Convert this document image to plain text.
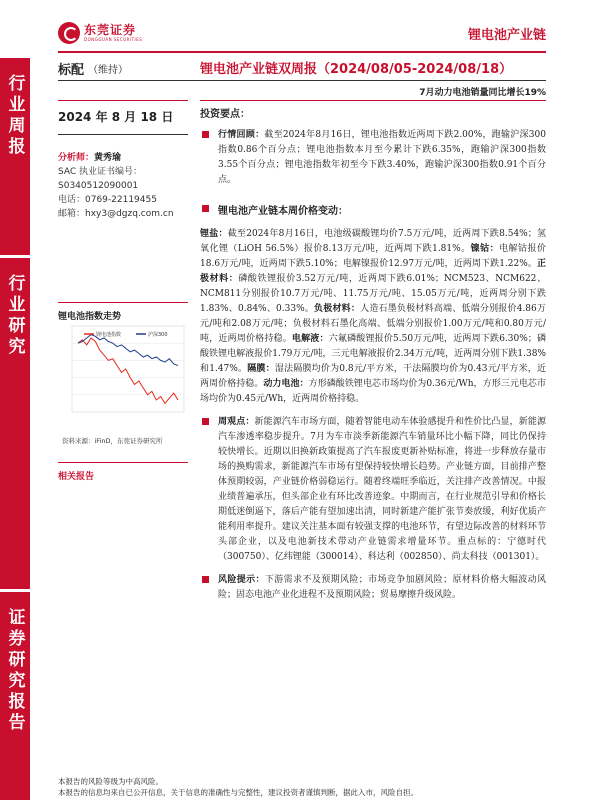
东莞证券
DONGGUAN SECURITIES	锂电池产业链
行业周报
行业研究
证券研究报告
标配 （维持）	锂电池产业链双周报（2024/08/05-2024/08/18）
7月动力电池销量同比增长19%
2024 年 8 月 18 日
分析师：黄秀瑜
SAC 执业证书编号：
S0340512090001
电话：0769-22119455
邮箱：hxy3@dgzq.com.cn
锂电池指数走势
锂电池指数	沪深300
资料来源：iFinD，东莞证券研究所
相关报告
投资要点：
行情回顾：截至2024年8月16日，锂电池指数近两周下跌2.00%，跑输沪深300指数0.86个百分点；锂电池指数本月至今累计下跌6.35%，跑输沪深300指数3.55个百分点；锂电池指数年初至今下跌3.40%，跑输沪深300指数0.91个百分点。
锂电池产业链本周价格变动：
锂盐：截至2024年8月16日，电池级碳酸锂均价7.5万元/吨，近两周下跌8.54%；氢氧化锂（LiOH 56.5%）报价8.13万元/吨，近两周下跌1.81%。镍钴：电解钴报价18.6万元/吨，近两周下跌5.10%；电解镍报价12.97万元/吨，近两周下跌1.22%。正极材料：磷酸铁锂报价3.52万元/吨，近两周下跌6.01%；NCM523、NCM622、NCM811分别报价10.7万元/吨、11.75万元/吨、15.05万元/吨，近两周分别下跌1.83%、0.84%、0.33%。负极材料：人造石墨负极材料高端、低端分别报价4.86万元/吨和2.08万元/吨；负极材料石墨化高端、低端分别报价1.00万元/吨和0.80万元/吨，近两周价格持稳。电解液：六氟磷酸锂报价5.50万元/吨，近两周下跌6.30%；磷酸铁锂电解液报价1.79万元/吨，三元电解液报价2.34万元/吨，近两周分别下跌1.38%和1.47%。隔膜：湿法隔膜均价为0.8元/平方米，干法隔膜均价为0.43元/平方米，近两周价格持稳。动力电池：方形磷酸铁锂电芯市场均价为0.36元/Wh，方形三元电芯市场均价为0.45元/Wh，近两周价格持稳。
周观点：新能源汽车市场方面，随着智能电动车体验感提升和性价比凸显，新能源汽车渗透率稳步提升。7月为车市淡季新能源汽车销量环比小幅下降，同比仍保持较快增长。近期以旧换新政策提高了汽车报废更新补贴标准，将进一步释放存量市场的换购需求，新能源汽车市场有望保持较快增长趋势。产业链方面，目前排产整体预期较弱，产业链价格弱稳运行。随着终端旺季临近，关注排产改善情况。中报业绩普遍承压，但头部企业有环比改善迹象。中期而言，在行业规范引导和价格长期低迷倒逼下，落后产能有望加速出清，同时新建产能扩张节奏放缓，利好优质产能利用率提升。建议关注基本面有较强支撑的电池环节，有望边际改善的材料环节头部企业，以及电池新技术带动产业链需求增量环节。重点标的：宁德时代（300750）、亿纬锂能（300014）、科达利（002850）、尚太科技（001301）。
风险提示：下游需求不及预期风险；市场竞争加剧风险；原材料价格大幅波动风险；固态电池产业化进程不及预期风险；贸易摩擦升级风险。
本报告的风险等级为中高风险。
本报告的信息均来自已公开信息，关于信息的准确性与完整性，建议投资者谨慎判断，据此入市，风险自担。
